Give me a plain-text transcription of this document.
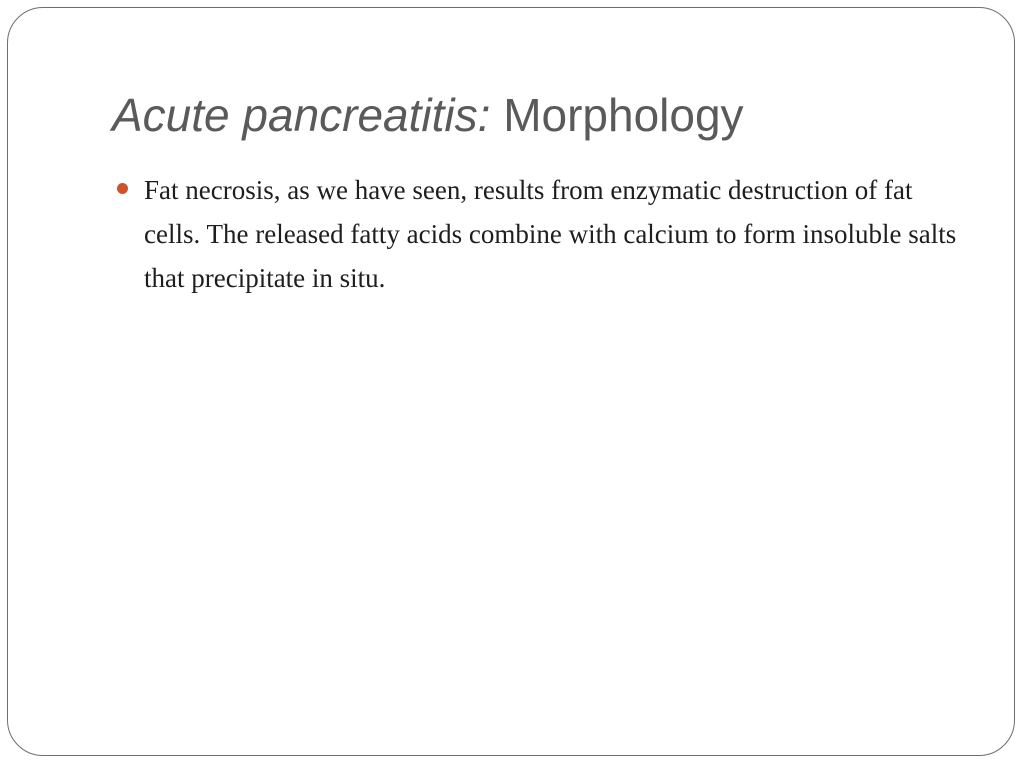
Acute pancreatitis: Morphology
Fat necrosis, as we have seen, results from enzymatic destruction of fat cells. The released fatty acids combine with calcium to form insoluble salts that precipitate in situ.
